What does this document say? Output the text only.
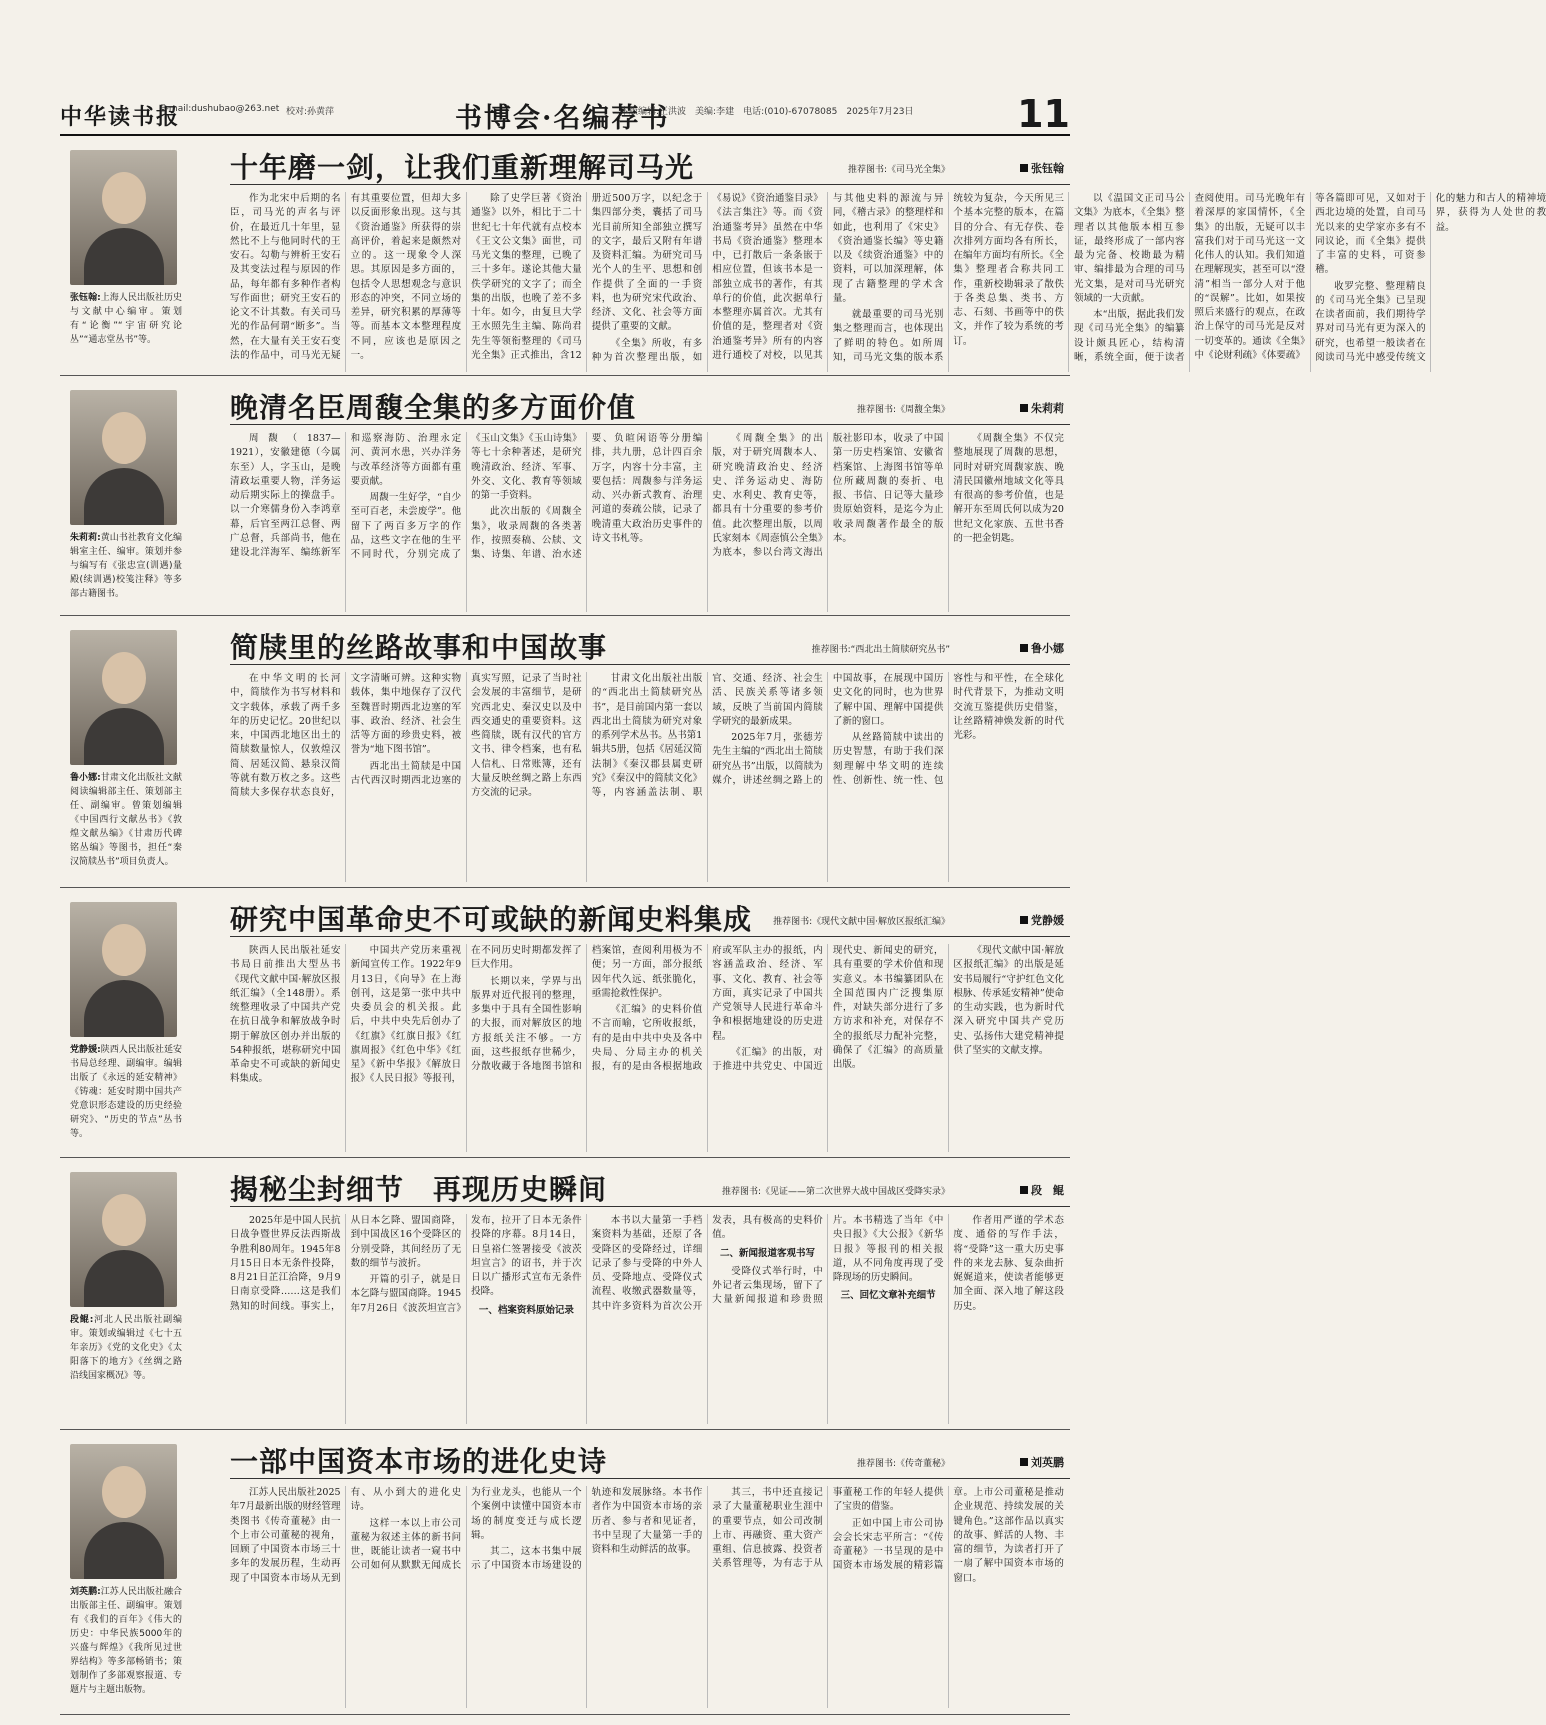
中华读书报
E-mail:dushubao@263.net 校对:孙黄萍	书博会·名编荐书
本版编辑:王洪波　美编:李建　电话:(010)-67078085　2025年7月23日	11
张钰翰:上海人民出版社历史与文献中心编审。策划有“论衡”“宇宙研究论丛”“通志堂丛书”等。
十年磨一剑，让我们重新理解司马光	推荐图书:《司马光全集》	张钰翰

作为北宋中后期的名臣，司马光的声名与评价，在最近几十年里，显然比不上与他同时代的王安石。勾勒与辨析王安石及其变法过程与原因的作品，每年都有多种作者构写作面世；研究王安石的论文不计其数。有关司马光的作品何谓“断多”。当然，在大量有关王安石变法的作品中，司马光无疑有其重要位置，但却大多以反面形象出现。这与其《资治通鉴》所获得的崇高评价，着起来是颇然对立的。这一现象令人深思。其原因是多方面的，包括令人思想观念与意识形态的冲突，不同立场的差异，研究积累的厚薄等等。而基本文本整理程度不同，应该也是原因之一。

除了史学巨著《资治通鉴》以外，相比于二十世纪七十年代就有点校本《王文公文集》面世，司马光文集的整理，已晚了三十多年。遂论其他大量佚学研究的文字了；而全集的出版，也晚了差不多十年。如今，由复旦大学王水照先生主编、陈尚君先生等领衔整理的《司马光全集》正式推出，含12册近500万字，以纪念于集四部分类，囊括了司马光目前所知全部独立撰写的文字，最后又附有年谱及资料汇编。为研究司马光个人的生平、思想和创作提供了全面的一手资料，也为研究宋代政治、经济、文化、社会等方面提供了重要的文献。

《全集》所收，有多种为首次整理出版，如《易说》《资治通鉴目录》《法言集注》等。而《资治通鉴考异》虽然在中华书局《资治通鉴》整理本中，已打散后一条条嵌于相应位置，但该书本是一部独立成书的著作，有其单行的价值，此次据单行本整理亦属首次。尤其有价值的是，整理者对《资治通鉴考异》所有的内容进行通校了对校，以见其与其他史料的源流与异同，《稽古录》的整理样和如此，也利用了《宋史》《资治通鉴长编》等史籍以及《续资治通鉴》中的资料，可以加深理解，体现了古籍整理的学术含量。

就最重要的司马光别集之整理而言，也体现出了鲜明的特色。如所周知，司马光文集的版本系统较为复杂，今天所见三个基本完整的版本，在篇目的分合、有无存佚、卷次排列方面均各有所长，在编年方面均有所长。《全集》整理者合称共同工作，重新校勘辑录了散佚于各类总集、类书、方志、石刻、书画等中的佚文，并作了较为系统的考订。

以《温国文正司马公文集》为底本，《全集》整理者以其他版本相互参证，最终形成了一部内容最为完备、校勘最为精审、编排最为合理的司马光文集，是对司马光研究领域的一大贡献。

本“出版，据此我们发现《司马光全集》的编纂设计颇具匠心，结构清晰，系统全面，便于读者查阅使用。司马光晚年有着深厚的家国情怀，《全集》的出版，无疑可以丰富我们对于司马光这一文化伟人的认知。我们知道在理解现实，甚至可以“澄清”相当一部分人对于他的“误解”。比如，如果按照后来盛行的观点，在政治上保守的司马光是反对一切变革的。通读《全集》中《论财利疏》《体要疏》等各篇即可见，又如对于西北边境的处置，自司马光以来的史学家亦多有不同议论，而《全集》提供了丰富的史料，可资参稽。

收罗完整、整理精良的《司马光全集》已呈现在读者面前，我们期待学界对司马光有更为深入的研究，也希望一般读者在阅读司马光中感受传统文化的魅力和古人的精神境界，获得为人处世的教益。

朱莉莉:黄山书社教育文化编辑室主任、编审。策划并参与编写有《张忠宣(训遇)量殿(续训遇)校笺注释》等多部古籍图书。
晚清名臣周馥全集的多方面价值	推荐图书:《周馥全集》	朱莉莉

周馥（1837—1921），安徽建德（今属东至）人，字玉山，是晚清政坛重要人物，洋务运动后期实际上的操盘手。以一介寒儒身份入李鸿章幕，后官至两江总督、两广总督，兵部尚书，他在建设北洋海军、编练新军和巡察海防、治理永定河、黄河水患，兴办洋务与改革经济等方面都有重要贡献。

周馥一生好学，“自少至可百老，未尝废学”。他留下了两百多万字的作品，这些文字在他的生平不同时代，分别完成了《玉山文集》《玉山诗集》等七十余种著述，是研究晚清政治、经济、军事、外交、文化、教育等领域的第一手资料。

此次出版的《周馥全集》，收录周馥的各类著作，按照奏稿、公牍、文集、诗集、年谱、治水述要、负暄闲语等分册编排，共九册，总计四百余万字，内容十分丰富，主要包括：周馥参与洋务运动、兴办新式教育、治理河道的奏疏公牍，记录了晚清重大政治历史事件的诗文书札等。

《周馥全集》的出版，对于研究周馥本人、研究晚清政治史、经济史、洋务运动史、海防史、水利史、教育史等，都具有十分重要的参考价值。此次整理出版，以周氏家刻本《周悫慎公全集》为底本，参以台湾文海出版社影印本，收录了中国第一历史档案馆、安徽省档案馆、上海图书馆等单位所藏周馥的奏折、电报、书信、日记等大量珍贵原始资料，是迄今为止收录周馥著作最全的版本。

《周馥全集》不仅完整地展现了周馥的思想，同时对研究周馥家族、晚清民国徽州地域文化等具有很高的参考价值，也是解开东至周氏何以成为20世纪文化家族、五世书香的一把金钥匙。

鲁小娜:甘肃文化出版社文献阅读编辑部主任、策划部主任、副编审。曾策划编辑《中国西行文献丛书》《敦煌文献丛编》《甘肃历代碑铭丛编》等图书，担任“秦汉简牍丛书”项目负责人。
简牍里的丝路故事和中国故事	推荐图书:“西北出土简牍研究丛书”	鲁小娜

在中华文明的长河中，简牍作为书写材料和文字载体，承载了两千多年的历史记忆。20世纪以来，中国西北地区出土的简牍数量惊人，仅敦煌汉简、居延汉简、悬泉汉简等就有数万枚之多。这些简牍大多保存状态良好，文字清晰可辨。这种实物载体，集中地保存了汉代至魏晋时期西北边塞的军事、政治、经济、社会生活等方面的珍贵史料，被誉为“地下图书馆”。

西北出土简牍是中国古代西汉时期西北边塞的真实写照，记录了当时社会发展的丰富细节，是研究西北史、秦汉史以及中西交通史的重要资料。这些简牍，既有汉代的官方文书、律令档案，也有私人信札、日常账簿，还有大量反映丝绸之路上东西方交流的记录。

甘肃文化出版社出版的“西北出土简牍研究丛书”，是目前国内第一套以西北出土简牍为研究对象的系列学术丛书。丛书第1辑共5册，包括《居延汉简法制》《秦汉郡县属吏研究》《秦汉中的简牍文化》等，内容涵盖法制、职官、交通、经济、社会生活、民族关系等诸多领域，反映了当前国内简牍学研究的最新成果。

2025年7月，张德芳先生主编的“西北出土简牍研究丛书”出版，以简牍为媒介，讲述丝绸之路上的中国故事，在展现中国历史文化的同时，也为世界了解中国、理解中国提供了新的窗口。

从丝路简牍中读出的历史智慧，有助于我们深刻理解中华文明的连续性、创新性、统一性、包容性与和平性，在全球化时代背景下，为推动文明交流互鉴提供历史借鉴，让丝路精神焕发新的时代光彩。

党静媛:陕西人民出版社延安书局总经理、副编审。编辑出版了《永远的延安精神》《铸魂：延安时期中国共产党意识形态建设的历史经验研究》、“历史的节点”丛书等。
研究中国革命史不可或缺的新闻史料集成 推荐图书:《现代文献中国·解放区报纸汇编》	党静媛

陕西人民出版社延安书局日前推出大型丛书《现代文献中国·解放区报纸汇编》（全148册）。系统整理收录了中国共产党在抗日战争和解放战争时期于解放区创办并出版的54种报纸，堪称研究中国革命史不可或缺的新闻史料集成。

中国共产党历来重视新闻宣传工作。1922年9月13日，《向导》在上海创刊，这是第一张中共中央委员会的机关报。此后，中共中央先后创办了《红旗》《红旗日报》《红旗周报》《红色中华》《红星》《新中华报》《解放日报》《人民日报》等报刊，在不同历史时期都发挥了巨大作用。

长期以来，学界与出版界对近代报刊的整理，多集中于具有全国性影响的大报，而对解放区的地方报纸关注不够。一方面，这些报纸存世稀少，分散收藏于各地图书馆和档案馆，查阅利用极为不便；另一方面，部分报纸因年代久远、纸张脆化，亟需抢救性保护。

《汇编》的史料价值不言而喻，它所收报纸，有的是由中共中央及各中央局、分局主办的机关报，有的是由各根据地政府或军队主办的报纸，内容涵盖政治、经济、军事、文化、教育、社会等方面，真实记录了中国共产党领导人民进行革命斗争和根据地建设的历史进程。

《汇编》的出版，对于推进中共党史、中国近现代史、新闻史的研究，具有重要的学术价值和现实意义。本书编纂团队在全国范围内广泛搜集原件，对缺失部分进行了多方访求和补充，对保存不全的报纸尽力配补完整，确保了《汇编》的高质量出版。

《现代文献中国·解放区报纸汇编》的出版是延安书局履行“守护红色文化根脉、传承延安精神”使命的生动实践，也为新时代深入研究中国共产党历史、弘扬伟大建党精神提供了坚实的文献支撑。

段鲲:河北人民出版社副编审。策划或编辑过《七十五年亲历》《党的文化史》《太阳落下的地方》《丝绸之路沿线国家概况》等。
揭秘尘封细节　再现历史瞬间	推荐图书:《见证——第二次世界大战中国战区受降实录》	段　鲲

2025年是中国人民抗日战争暨世界反法西斯战争胜利80周年。1945年8月15日日本无条件投降，8月21日芷江洽降，9月9日南京受降……这是我们熟知的时间线。事实上，从日本乞降、盟国商降，到中国战区16个受降区的分别受降，其间经历了无数的细节与波折。

开篇的引子，就是日本乞降与盟国商降。1945年7月26日《波茨坦宣言》发布，拉开了日本无条件投降的序幕。8月14日，日皇裕仁签署接受《波茨坦宣言》的诏书，并于次日以广播形式宣布无条件投降。

一、档案资料原始记录

本书以大量第一手档案资料为基础，还原了各受降区的受降经过，详细记录了参与受降的中外人员、受降地点、受降仪式流程、收缴武器数量等，其中许多资料为首次公开发表，具有极高的史料价值。

二、新闻报道客观书写

受降仪式举行时，中外记者云集现场，留下了大量新闻报道和珍贵照片。本书精选了当年《中央日报》《大公报》《新华日报》等报刊的相关报道，从不同角度再现了受降现场的历史瞬间。

三、回忆文章补充细节

作者用严谨的学术态度、通俗的写作手法，将“受降”这一重大历史事件的来龙去脉、复杂曲折娓娓道来，使读者能够更加全面、深入地了解这段历史。

刘英鹏:江苏人民出版社融合出版部主任、副编审。策划有《我们的百年》《伟大的历史：中华民族5000年的兴盛与辉煌》《我所见过世界结构》等多部畅销书；策划制作了多部观察报道、专题片与主题出版物。
一部中国资本市场的进化史诗	推荐图书:《传奇董秘》	刘英鹏

江苏人民出版社2025年7月最新出版的财经管理类图书《传奇董秘》由一个上市公司董秘的视角，回顾了中国资本市场三十多年的发展历程，生动再现了中国资本市场从无到有、从小到大的进化史诗。

这样一本以上市公司董秘为叙述主体的新书问世，既能让读者一窥书中公司如何从默默无闻成长为行业龙头，也能从一个个案例中读懂中国资本市场的制度变迁与成长逻辑。

其二，这本书集中展示了中国资本市场建设的轨迹和发展脉络。本书作者作为中国资本市场的亲历者、参与者和见证者，书中呈现了大量第一手的资料和生动鲜活的故事。

其三，书中还直接记录了大量董秘职业生涯中的重要节点，如公司改制上市、再融资、重大资产重组、信息披露、投资者关系管理等，为有志于从事董秘工作的年轻人提供了宝贵的借鉴。

正如中国上市公司协会会长宋志平所言：“《传奇董秘》一书呈现的是中国资本市场发展的精彩篇章。上市公司董秘是推动企业规范、持续发展的关键角色。”这部作品以真实的故事、鲜活的人物、丰富的细节，为读者打开了一扇了解中国资本市场的窗口。
